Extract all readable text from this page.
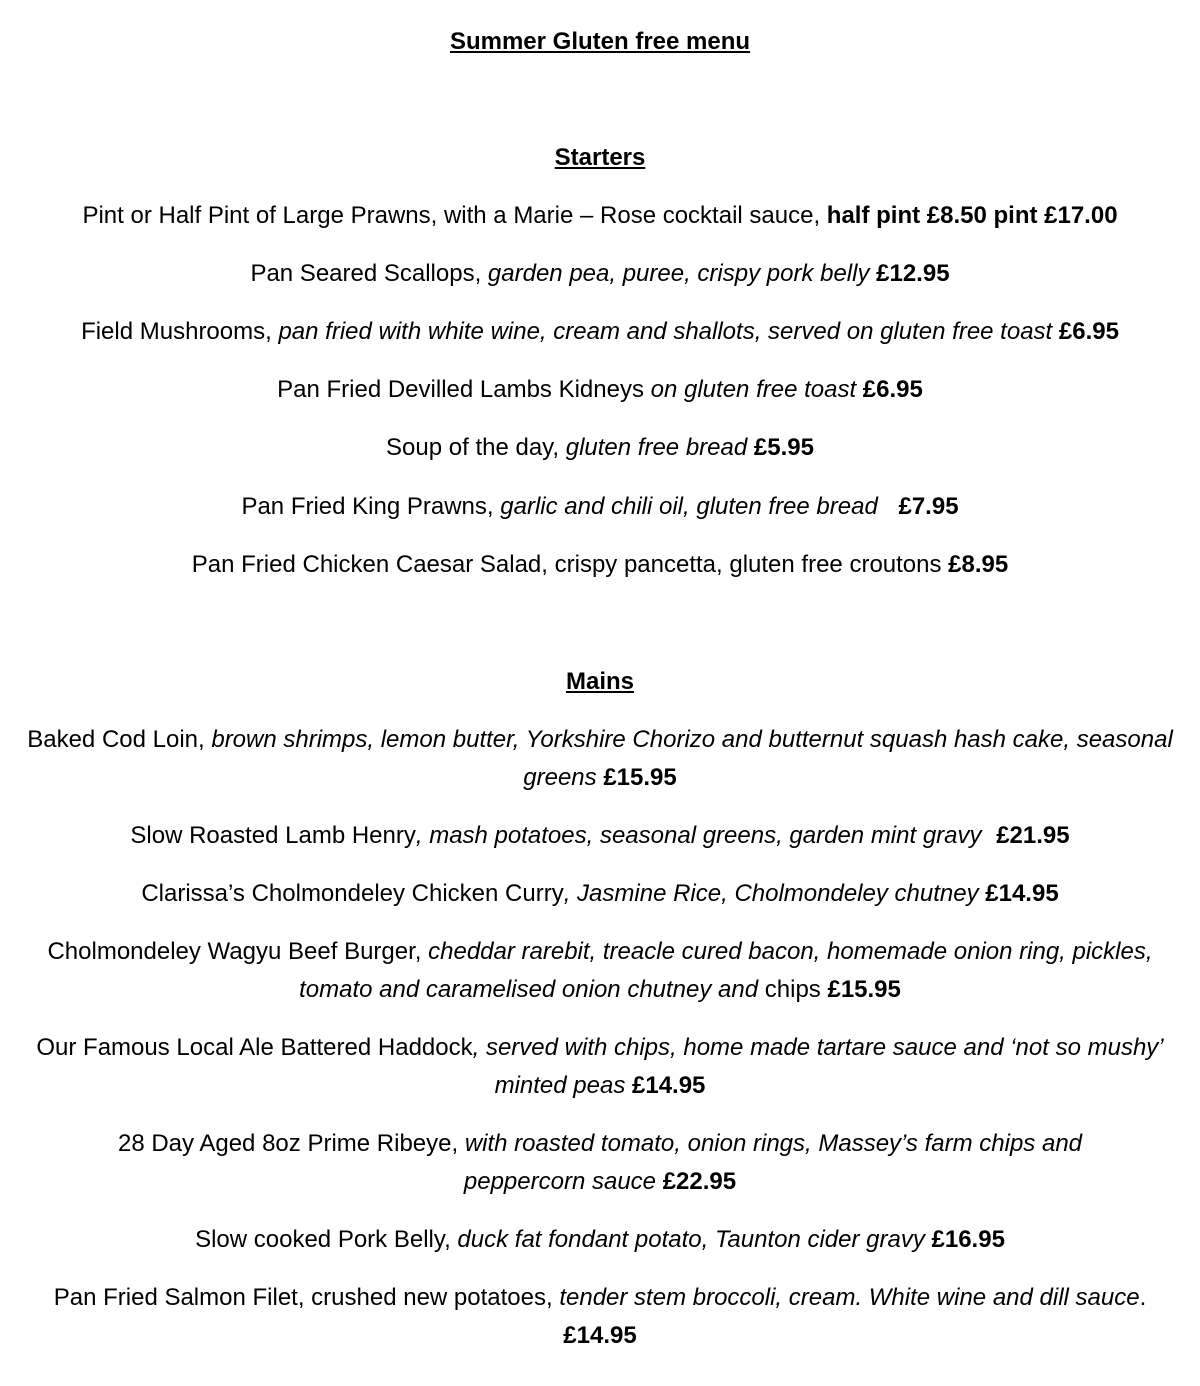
Summer Gluten free menu
Starters
Pint or Half Pint of Large Prawns, with a Marie – Rose cocktail sauce, half pint £8.50 pint £17.00
Pan Seared Scallops, garden pea, puree, crispy pork belly £12.95
Field Mushrooms, pan fried with white wine, cream and shallots, served on gluten free toast £6.95
Pan Fried Devilled Lambs Kidneys on gluten free toast £6.95
Soup of the day, gluten free bread £5.95
Pan Fried King Prawns, garlic and chili oil, gluten free bread £7.95
Pan Fried Chicken Caesar Salad, crispy pancetta, gluten free croutons £8.95
Mains
Baked Cod Loin, brown shrimps, lemon butter, Yorkshire Chorizo and butternut squash hash cake, seasonal greens £15.95
Slow Roasted Lamb Henry, mash potatoes, seasonal greens, garden mint gravy £21.95
Clarissa’s Cholmondeley Chicken Curry, Jasmine Rice, Cholmondeley chutney £14.95
Cholmondeley Wagyu Beef Burger, cheddar rarebit, treacle cured bacon, homemade onion ring, pickles, tomato and caramelised onion chutney and chips £15.95
Our Famous Local Ale Battered Haddock, served with chips, home made tartare sauce and ‘not so mushy’ minted peas £14.95
28 Day Aged 8oz Prime Ribeye, with roasted tomato, onion rings, Massey’s farm chips and peppercorn sauce £22.95
Slow cooked Pork Belly, duck fat fondant potato, Taunton cider gravy £16.95
Pan Fried Salmon Filet, crushed new potatoes, tender stem broccoli, cream. White wine and dill sauce. £14.95
